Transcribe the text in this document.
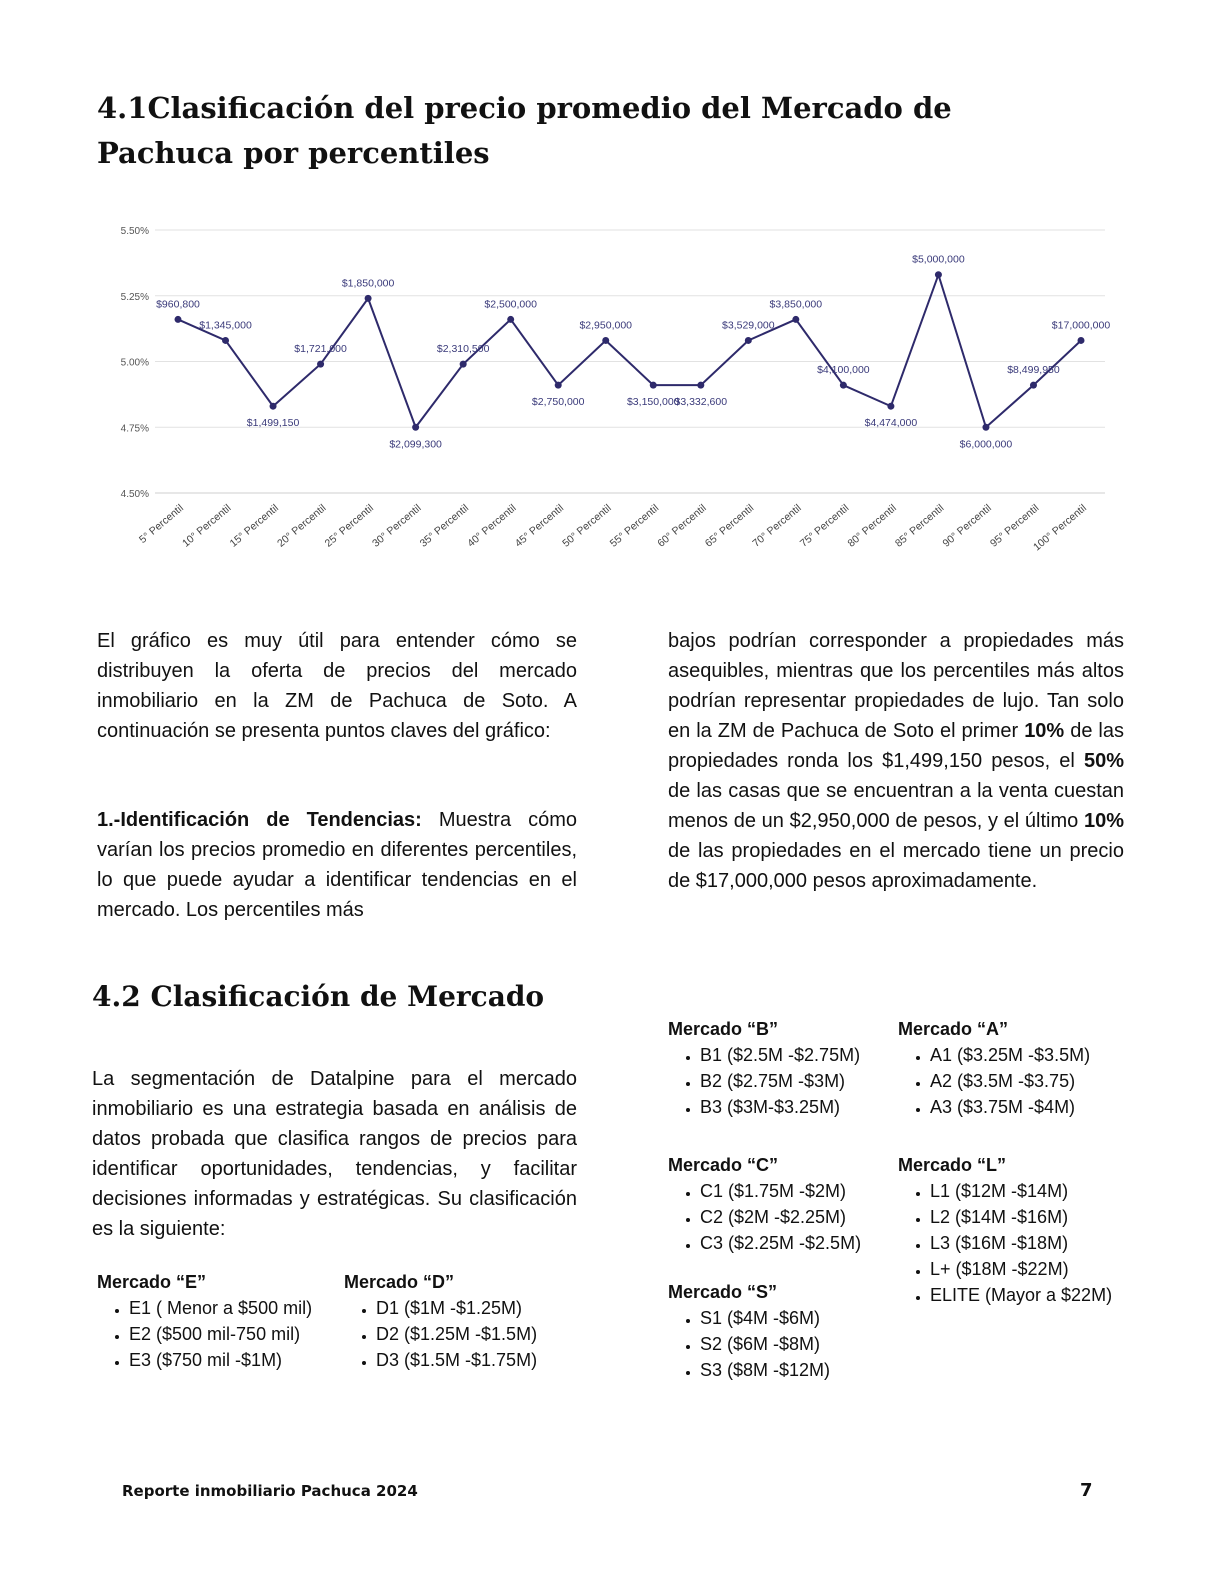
4.1Clasificación del precio promedio del Mercado de Pachuca por percentiles
5.50%
5.25%
5.00%
4.75%
4.50%
$960,800
$1,345,000
$1,499,150
$1,721,000
$1,850,000
$2,099,300
$2,310,500
$2,500,000
$2,750,000
$2,950,000
$3,150,000
$3,332,600
$3,529,000
$3,850,000
$4,100,000
$4,474,000
$5,000,000
$6,000,000
$8,499,950
$17,000,000
5° Percentil
10° Percentil
15° Percentil
20° Percentil
25° Percentil
30° Percentil
35° Percentil
40° Percentil
45° Percentil
50° Percentil
55° Percentil
60° Percentil
65° Percentil
70° Percentil
75° Percentil
80° Percentil
85° Percentil
90° Percentil
95° Percentil
100° Percentil

El gráfico es muy útil para entender cómo se distribuyen la oferta de precios del mercado inmobiliario en la ZM de Pachuca de Soto. A continuación se presenta puntos claves del gráfico:

1.-Identificación de Tendencias: Muestra cómo varían los precios promedio en diferentes percentiles, lo que puede ayudar a identificar tendencias en el mercado. Los percentiles más

bajos podrían corresponder a propiedades más asequibles, mientras que los percentiles más altos podrían representar propiedades de lujo. Tan solo en la ZM de Pachuca de Soto el primer 10% de las propiedades ronda los $1,499,150 pesos, el 50% de las casas que se encuentran a la venta cuestan menos de un $2,950,000 de pesos, y el último 10% de las propiedades en el mercado tiene un precio de $17,000,000 pesos aproximadamente.

4.2 Clasificación de Mercado

La segmentación de Datalpine para el mercado inmobiliario es una estrategia basada en análisis de datos probada que clasifica rangos de precios para identificar oportunidades, tendencias, y facilitar decisiones informadas y estratégicas. Su clasificación es la siguiente:

Mercado “E”
• E1 ( Menor a $500 mil)
• E2 ($500 mil-750 mil)
• E3 ($750 mil -$1M)
Mercado “D”
• D1 ($1M -$1.25M)
• D2 ($1.25M -$1.5M)
• D3 ($1.5M -$1.75M)
Mercado “B”
• B1 ($2.5M -$2.75M)
• B2 ($2.75M -$3M)
• B3 ($3M-$3.25M)
Mercado “A”
• A1 ($3.25M -$3.5M)
• A2 ($3.5M -$3.75)
• A3 ($3.75M -$4M)
Mercado “C”
• C1 ($1.75M -$2M)
• C2 ($2M -$2.25M)
• C3 ($2.25M -$2.5M)
Mercado “L”
• L1 ($12M -$14M)
• L2 ($14M -$16M)
• L3 ($16M -$18M)
• L+ ($18M -$22M)
• ELITE (Mayor a $22M)
Mercado “S”
• S1 ($4M -$6M)
• S2 ($6M -$8M)
• S3 ($8M -$12M)
Reporte inmobiliario Pachuca 2024	7
